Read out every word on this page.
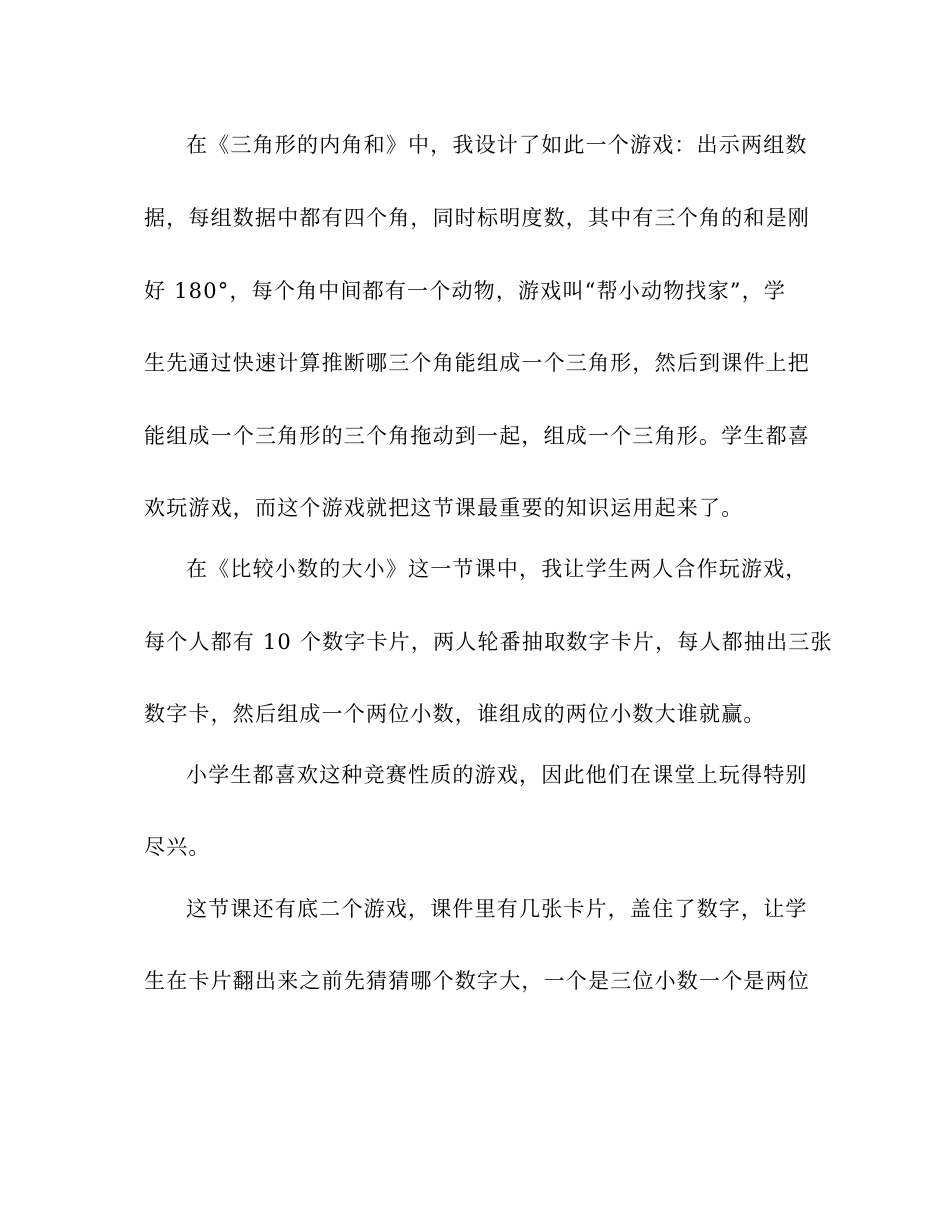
在《三角形的内角和》中，我设计了如此一个游戏：出示两组数
据，每组数据中都有四个角，同时标明度数，其中有三个角的和是刚
好 180°，每个角中间都有一个动物，游戏叫“帮小动物找家”，学
生先通过快速计算推断哪三个角能组成一个三角形，然后到课件上把
能组成一个三角形的三个角拖动到一起，组成一个三角形。学生都喜
欢玩游戏，而这个游戏就把这节课最重要的知识运用起来了。
在《比较小数的大小》这一节课中，我让学生两人合作玩游戏，
每个人都有 10 个数字卡片，两人轮番抽取数字卡片，每人都抽出三张
数字卡，然后组成一个两位小数，谁组成的两位小数大谁就赢。
小学生都喜欢这种竞赛性质的游戏，因此他们在课堂上玩得特别
尽兴。
这节课还有底二个游戏，课件里有几张卡片，盖住了数字，让学
生在卡片翻出来之前先猜猜哪个数字大，一个是三位小数一个是两位
